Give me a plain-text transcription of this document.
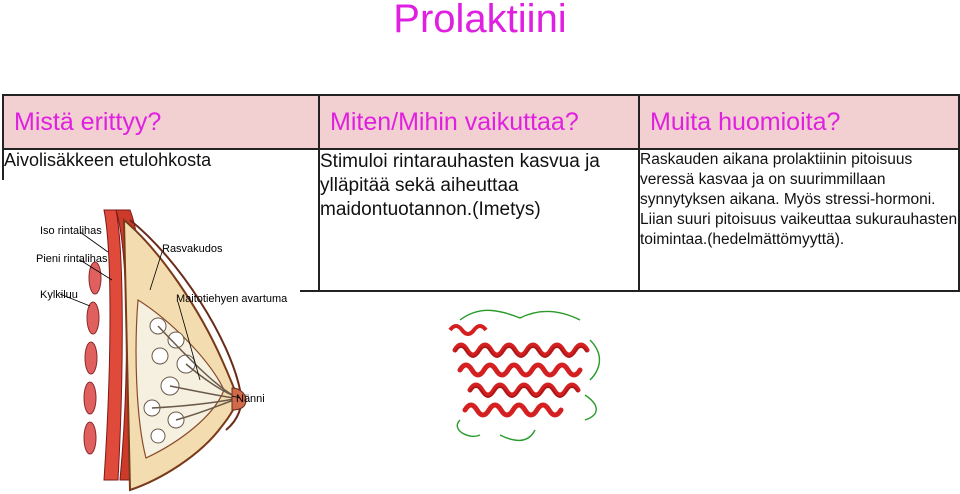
Prolaktiini
Mistä erittyy?	Miten/Mihin vaikuttaa?	Muita huomioita?
Aivolisäkkeen etulohkosta	Stimuloi rintarauhasten kasvua ja ylläpitää sekä aiheuttaa maidontuotannon.(Imetys)	Raskauden aikana prolaktiinin pitoisuus veressä kasvaa ja on suurimmillaan synnytyksen aikana. Myös stressi-hormoni. Liian suuri pitoisuus vaikeuttaa sukurauhasten toimintaa.(hedelmättömyyttä).
Iso rintalihas
Pieni rintalihas
Kylkiluu
Rasvakudos
Maitotiehyen avartuma
Nänni
